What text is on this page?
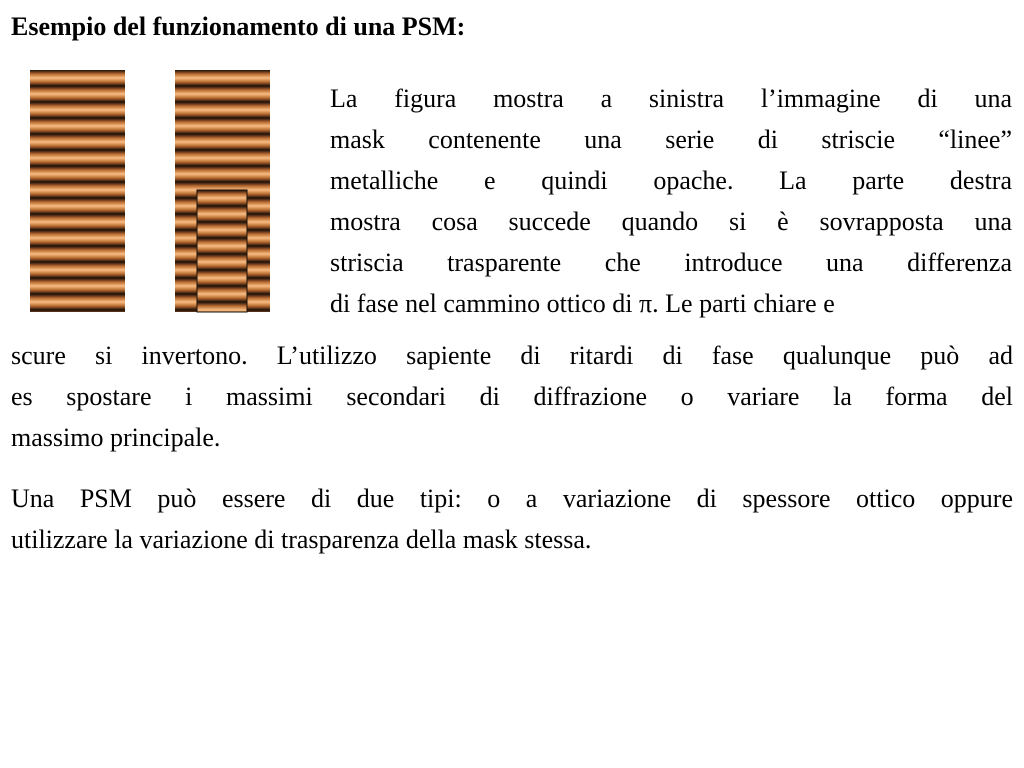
Esempio del funzionamento di una PSM:
La figura mostra a sinistra l’immagine di una
mask contenente una serie di striscie “linee”
metalliche e quindi opache. La parte destra
mostra cosa succede quando si è sovrapposta una
striscia trasparente che introduce una differenza
di fase nel cammino ottico di π. Le parti chiare e
scure si invertono. L’utilizzo sapiente di ritardi di fase qualunque può ad
es spostare i massimi secondari di diffrazione o variare la forma del
massimo principale.
Una PSM può essere di due tipi: o a variazione di spessore ottico oppure
utilizzare la variazione di trasparenza della mask stessa.
